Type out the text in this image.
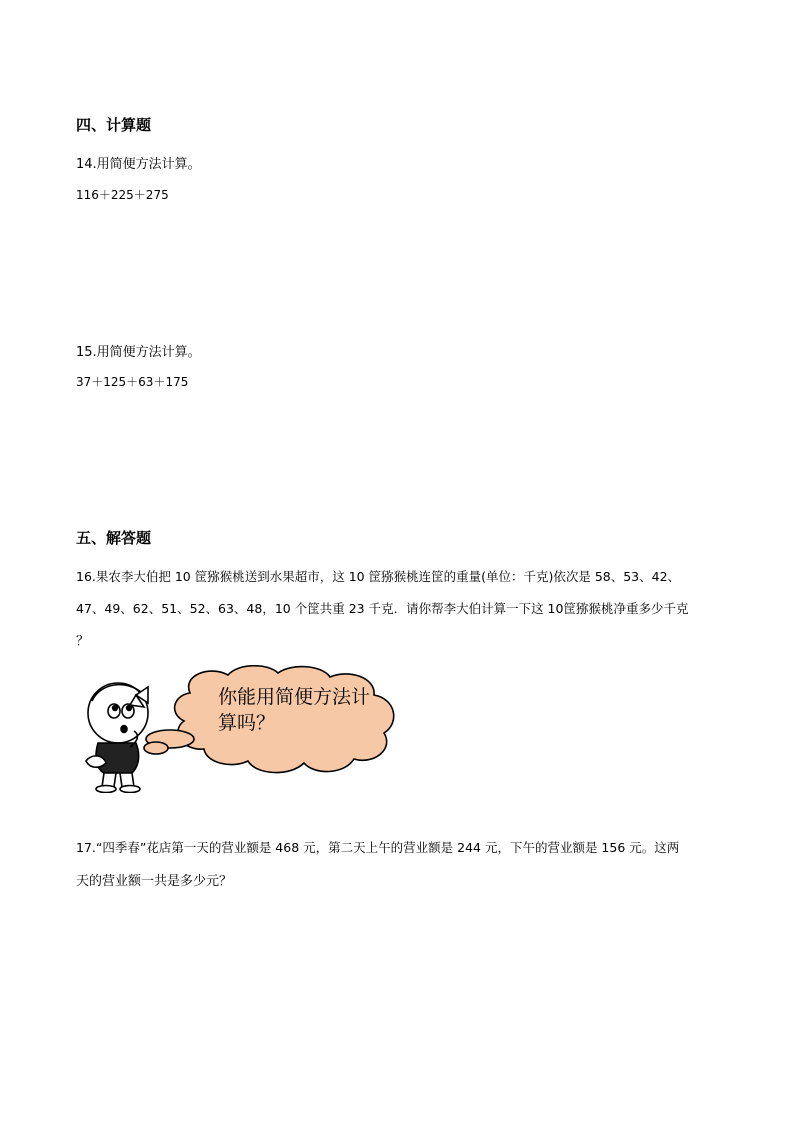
四、计算题
14.用简便方法计算。
116＋225＋275
15.用简便方法计算。
37＋125＋63＋175
五、解答题
16.果农李大伯把 10 筐猕猴桃送到水果超市，这 10 筐猕猴桃连筐的重量(单位：千克)依次是 58、53、42、
47、49、62、51、52、63、48，10 个筐共重 23 千克．请你帮李大伯计算一下这 10筐猕猴桃净重多少千克
？
你能用简便方法计算吗？
17.“四季春”花店第一天的营业额是 468 元，第二天上午的营业额是 244 元，下午的营业额是 156 元。这两
天的营业额一共是多少元？
